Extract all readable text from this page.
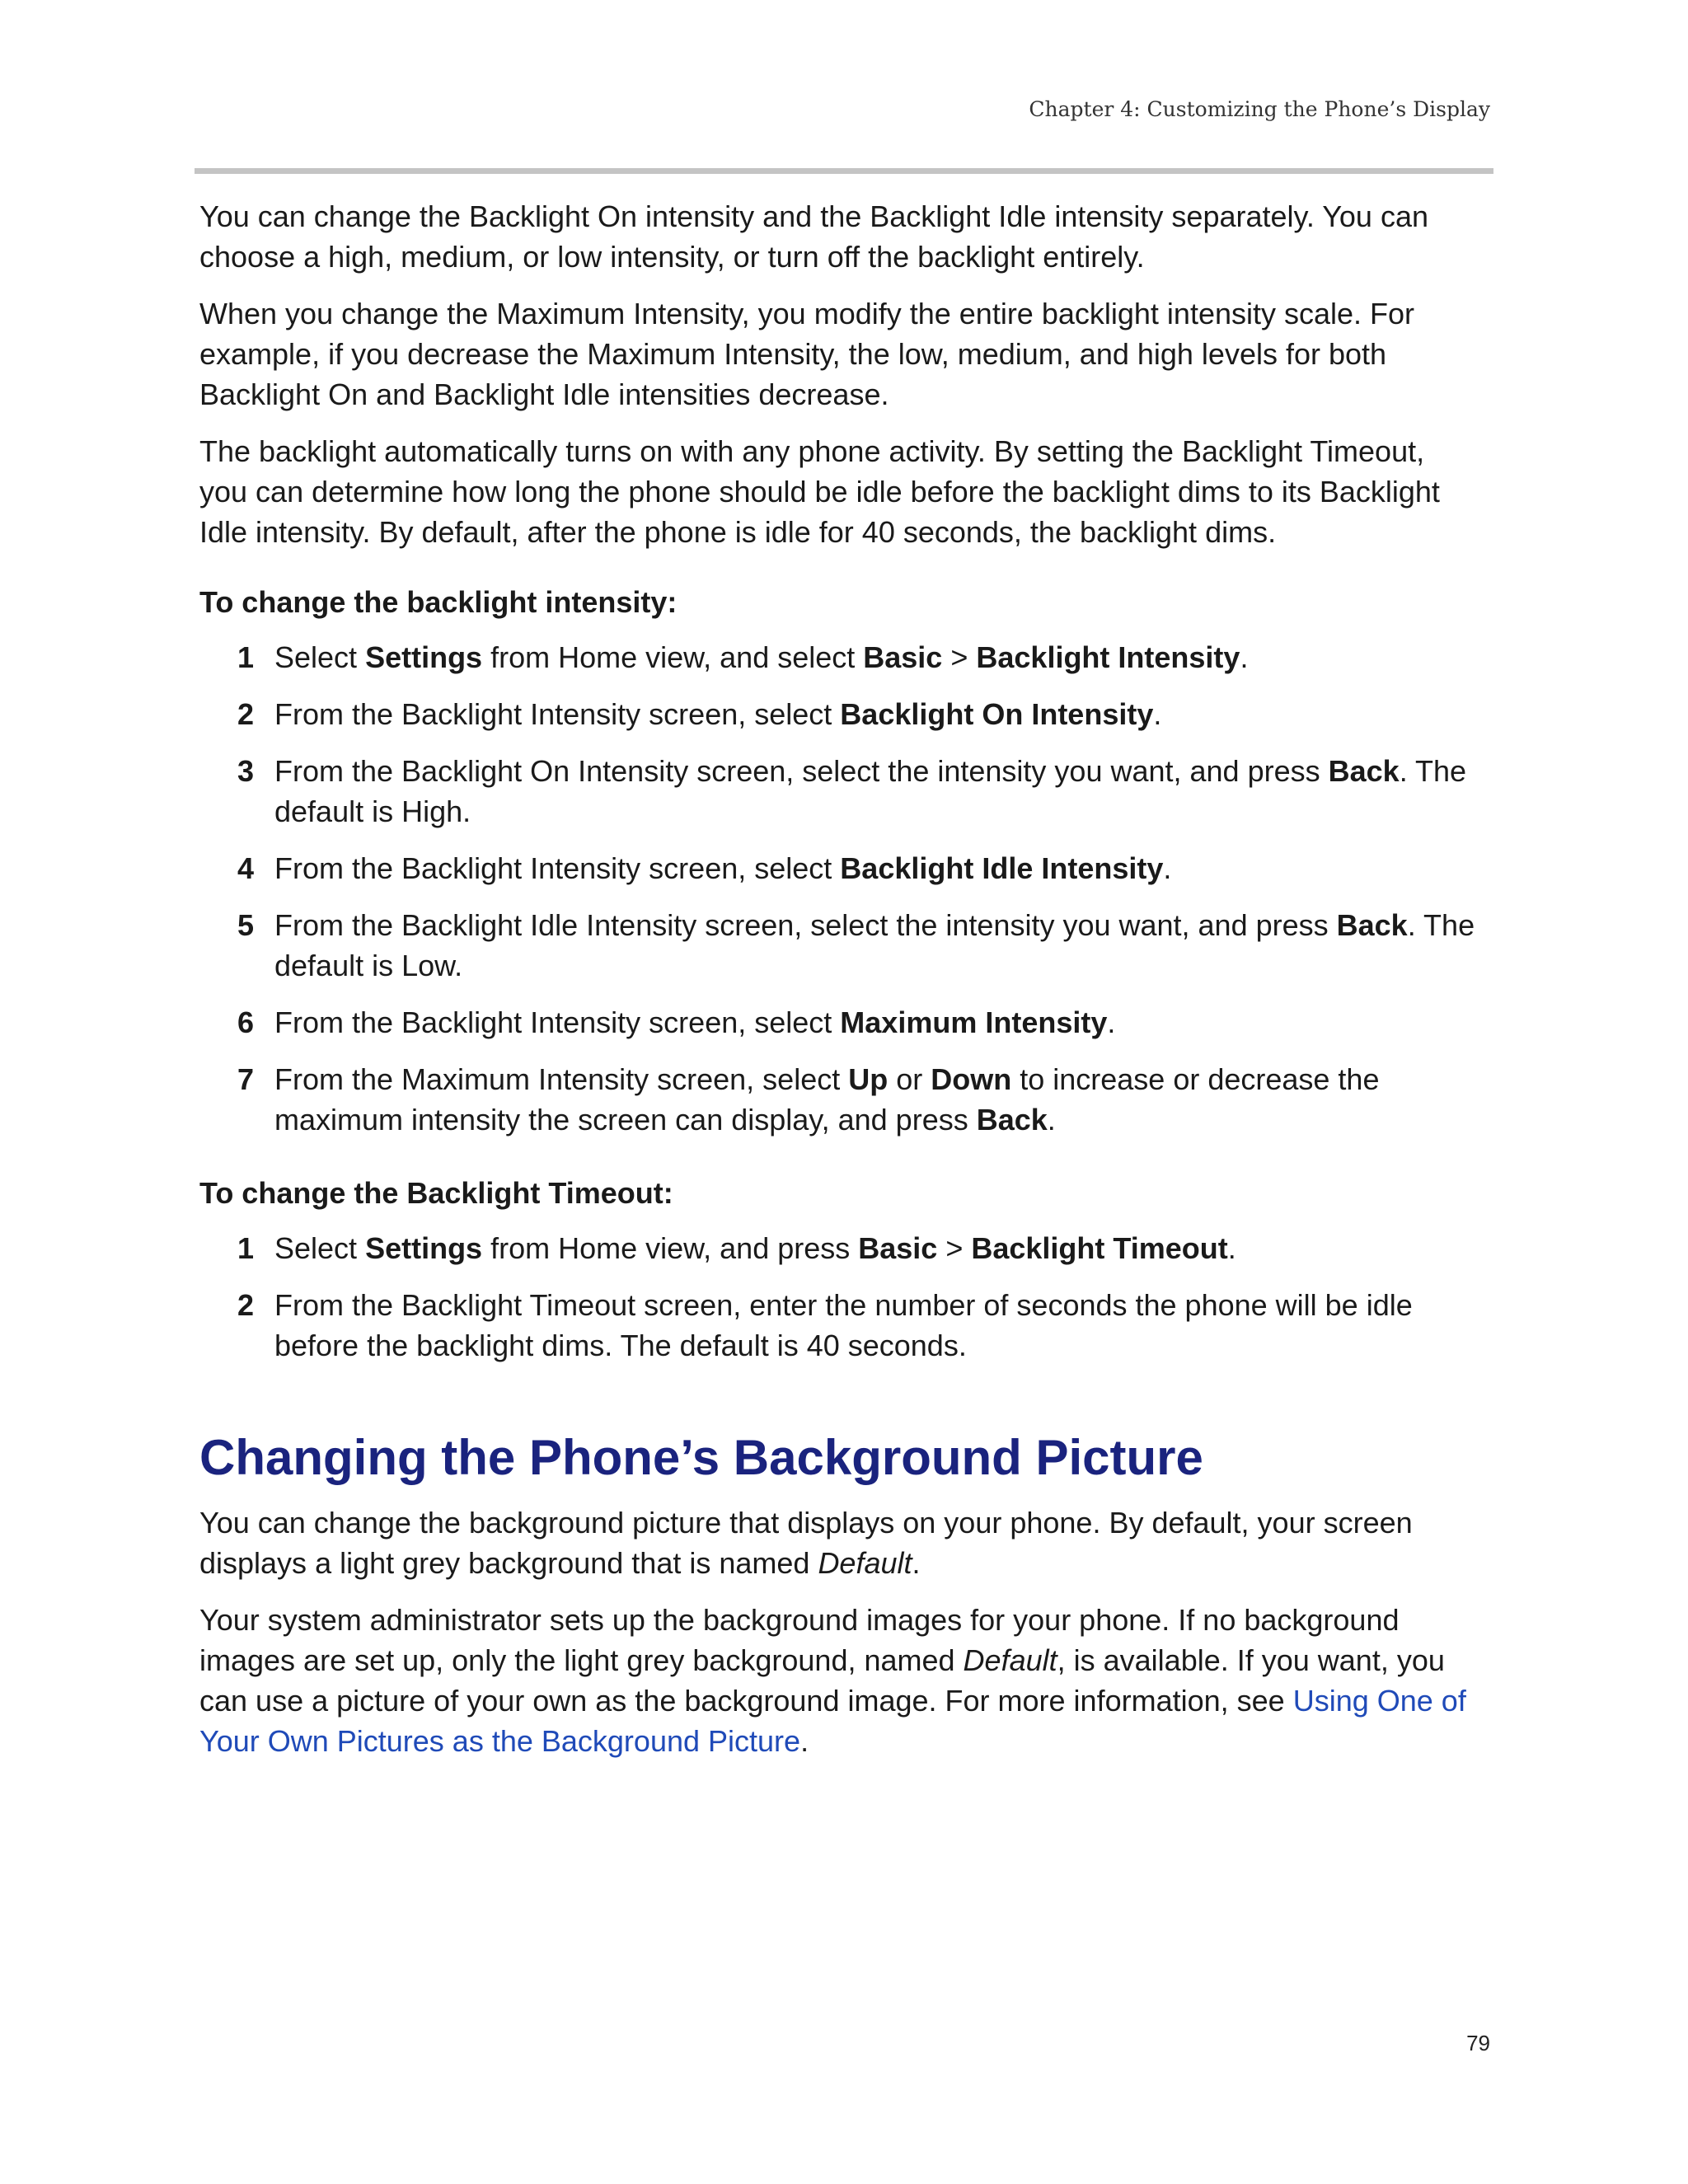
Chapter 4: Customizing the Phone’s Display

You can change the Backlight On intensity and the Backlight Idle intensity separately. You can choose a high, medium, or low intensity, or turn off the backlight entirely.

When you change the Maximum Intensity, you modify the entire backlight intensity scale. For example, if you decrease the Maximum Intensity, the low, medium, and high levels for both Backlight On and Backlight Idle intensities decrease.

The backlight automatically turns on with any phone activity. By setting the Backlight Timeout, you can determine how long the phone should be idle before the backlight dims to its Backlight Idle intensity. By default, after the phone is idle for 40 seconds, the backlight dims.

To change the backlight intensity:
1 Select Settings from Home view, and select Basic > Backlight Intensity.
2 From the Backlight Intensity screen, select Backlight On Intensity.
3 From the Backlight On Intensity screen, select the intensity you want, and press Back. The default is High.
4 From the Backlight Intensity screen, select Backlight Idle Intensity.
5 From the Backlight Idle Intensity screen, select the intensity you want, and press Back. The default is Low.
6 From the Backlight Intensity screen, select Maximum Intensity.
7 From the Maximum Intensity screen, select Up or Down to increase or decrease the maximum intensity the screen can display, and press Back.
To change the Backlight Timeout:
1 Select Settings from Home view, and press Basic > Backlight Timeout.
2 From the Backlight Timeout screen, enter the number of seconds the phone will be idle before the backlight dims. The default is 40 seconds.
Changing the Phone’s Background Picture

You can change the background picture that displays on your phone. By default, your screen displays a light grey background that is named Default.

Your system administrator sets up the background images for your phone. If no background images are set up, only the light grey background, named Default, is available. If you want, you can use a picture of your own as the background image. For more information, see Using One of Your Own Pictures as the Background Picture.

79
